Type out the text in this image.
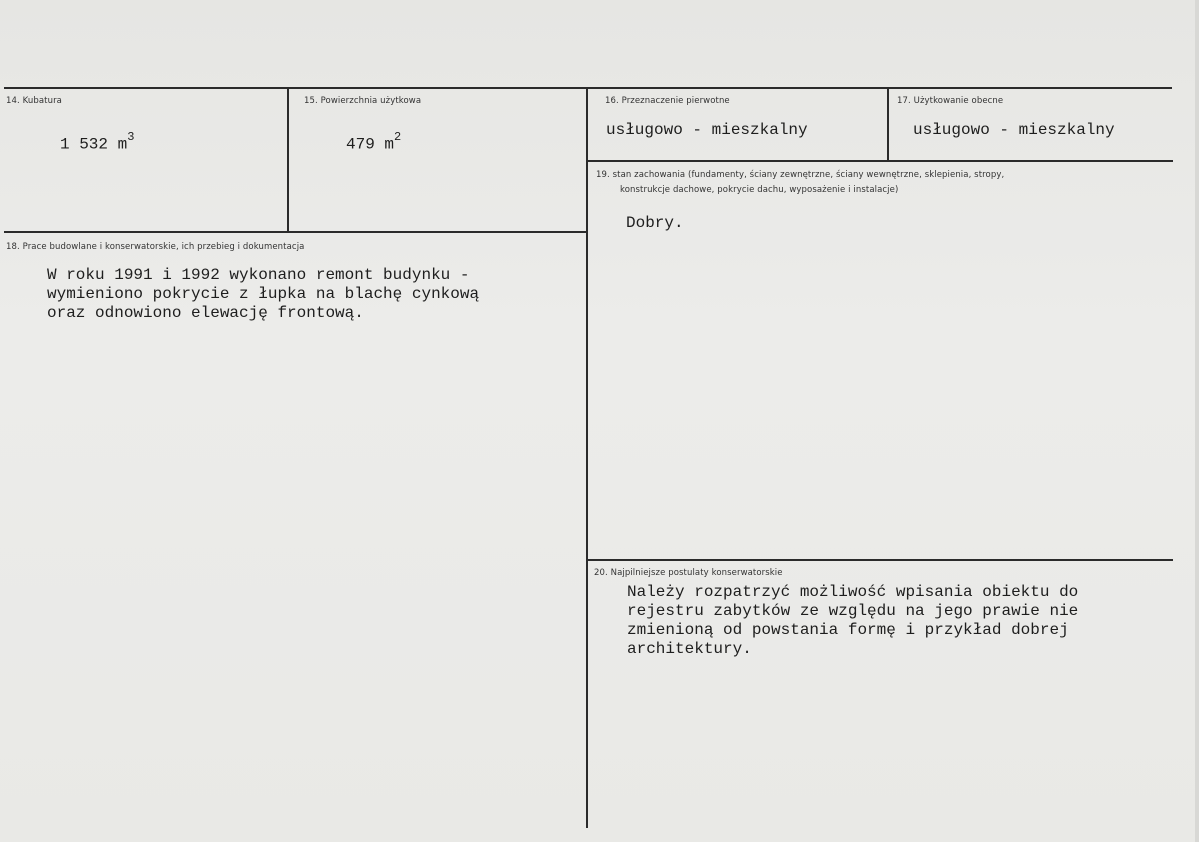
14. Kubatura
1 532 $m^3$
15. Powierzchnia użytkowa
479 $m^2$
16. Przeznaczenie pierwotne
usługowo - mieszkalny
17. Użytkowanie obecne
usługowo - mieszkalny
18. Prace budowlane i konserwatorskie, ich przebieg i dokumentacja
W roku 1991 i 1992 wykonano remont budynku -
wymieniono pokrycie z łupka na blachę cynkową
oraz odnowiono elewację frontową.
19. stan zachowania (fundamenty, ściany zewnętrzne, ściany wewnętrzne, sklepienia, stropy,
konstrukcje dachowe, pokrycie dachu, wyposażenie i instalacje)
Dobry.
20. Najpilniejsze postulaty konserwatorskie
Należy rozpatrzyć możliwość wpisania obiektu do
rejestru zabytków ze względu na jego prawie nie
zmienioną od powstania formę i przykład dobrej
architektury.
